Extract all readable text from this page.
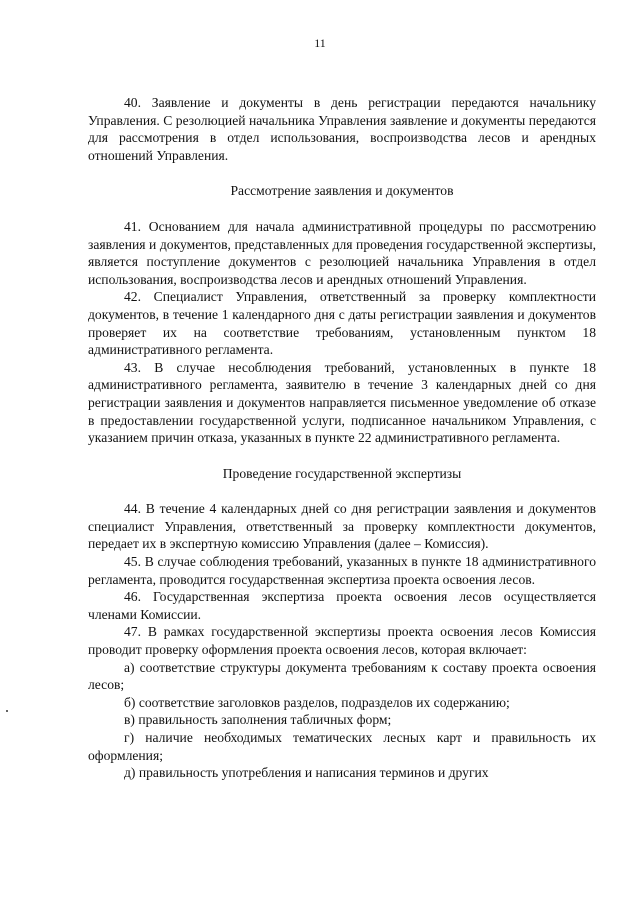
11

40. Заявление и документы в день регистрации передаются начальнику Управления. С резолюцией начальника Управления заявление и документы передаются для рассмотрения в отдел использования, воспроизводства лесов и арендных отношений Управления.

Рассмотрение заявления и документов

41. Основанием для начала административной процедуры по рассмотрению заявления и документов, представленных для проведения государственной экспертизы, является поступление документов с резолюцией начальника Управления в отдел использования, воспроизводства лесов и арендных отношений Управления.

42. Специалист Управления, ответственный за проверку комплектности документов, в течение 1 календарного дня с даты регистрации заявления и документов проверяет их на соответствие требованиям, установленным пунктом 18 административного регламента.

43. В случае несоблюдения требований, установленных в пункте 18 административного регламента, заявителю в течение 3 календарных дней со дня регистрации заявления и документов направляется письменное уведомление об отказе в предоставлении государственной услуги, подписанное начальником Управления, с указанием причин отказа, указанных в пункте 22 административного регламента.

Проведение государственной экспертизы

44. В течение 4 календарных дней со дня регистрации заявления и документов специалист Управления, ответственный за проверку комплектности документов, передает их в экспертную комиссию Управления (далее – Комиссия).

45. В случае соблюдения требований, указанных в пункте 18 административного регламента, проводится государственная экспертиза проекта освоения лесов.

46. Государственная экспертиза проекта освоения лесов осуществляется членами Комиссии.

47. В рамках государственной экспертизы проекта освоения лесов Комиссия проводит проверку оформления проекта освоения лесов, которая включает:

а) соответствие структуры документа требованиям к составу проекта освоения лесов;

б) соответствие заголовков разделов, подразделов их содержанию;

в) правильность заполнения табличных форм;

г) наличие необходимых тематических лесных карт и правильность их оформления;

д) правильность употребления и написания терминов и других
